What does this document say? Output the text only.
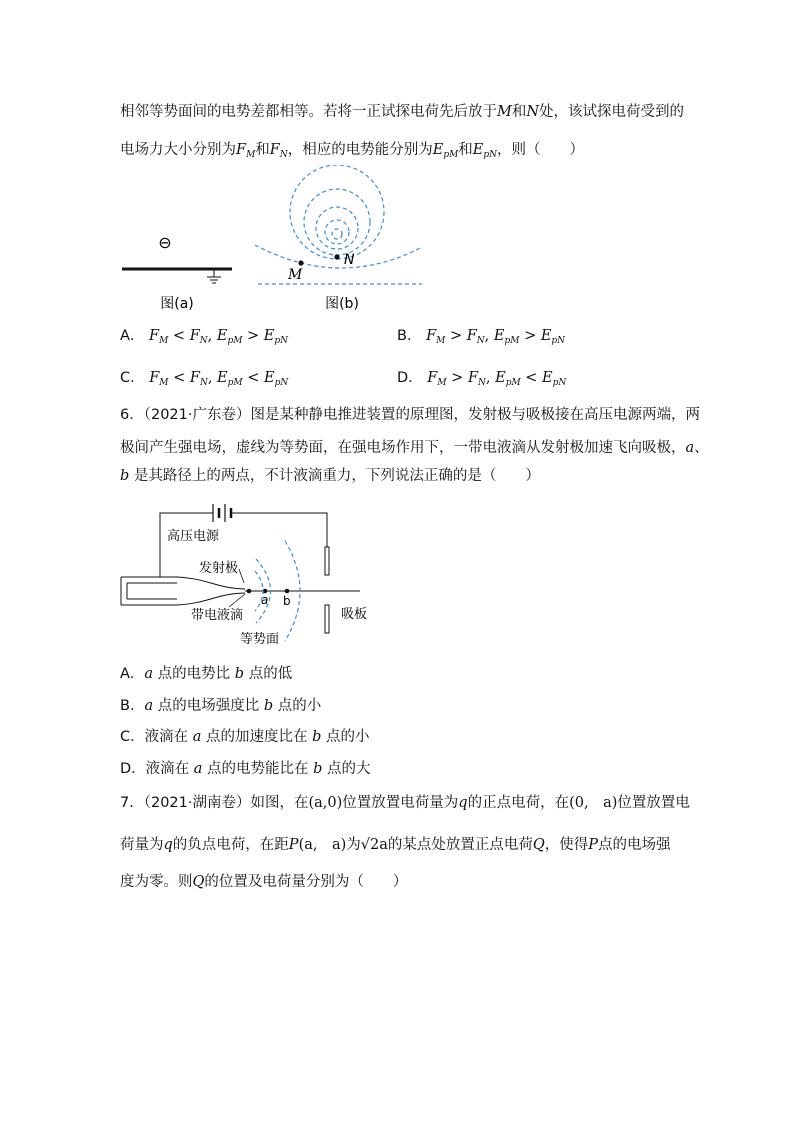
相邻等势面间的电势差都相等。若将一正试探电荷先后放于M和N处，该试探电荷受到的
电场力大小分别为$F_M$和$F_N$，相应的电势能分别为$E_{pM}$和$E_{pN}$，则（　　）
⊖
图(a)
M
N
图(b)
A． $F_M < F_N$, $E_{pM} > E_{pN}$	B． $F_M > F_N$, $E_{pM} > E_{pN}$
C． $F_M < F_N$, $E_{pM} < E_{pN}$	D． $F_M > F_N$, $E_{pM} < E_{pN}$
6．（2021·广东卷）图是某种静电推进装置的原理图，发射极与吸极接在高压电源两端，两
极间产生强电场，虚线为等势面，在强电场作用下，一带电液滴从发射极加速飞向吸极，a、
b 是其路径上的两点，不计液滴重力，下列说法正确的是（　　）
高压电源
吸板
a b
发射极
带电液滴
等势面
A．a 点的电势比 b 点的低
B．a 点的电场强度比 b 点的小
C．液滴在 a 点的加速度比在 b 点的小
D．液滴在 a 点的电势能比在 b 点的大
7．（2021·湖南卷）如图，在(a,0)位置放置电荷量为q的正点电荷，在(0,　a)位置放置电
荷量为q的负点电荷，在距P(a,　a)为√2a的某点处放置正点电荷Q，使得P点的电场强
度为零。则Q的位置及电荷量分别为（　　）
